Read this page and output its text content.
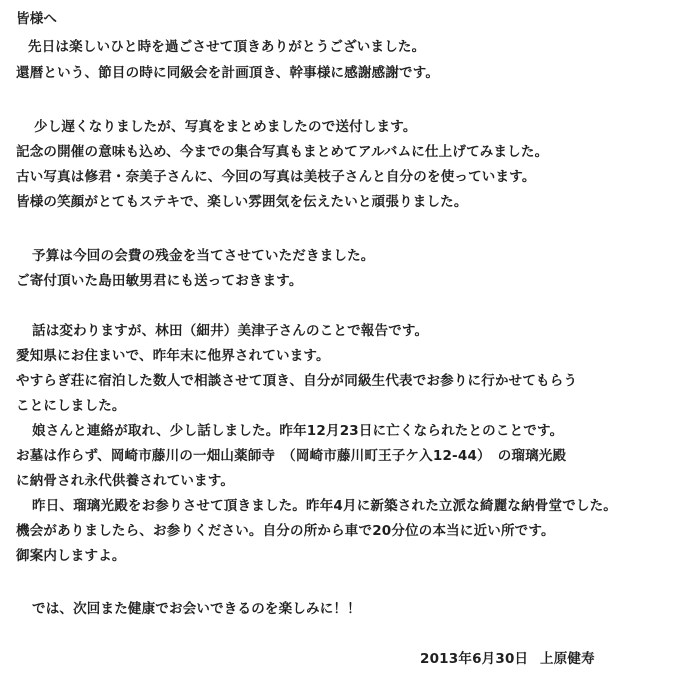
皆様へ
先日は楽しいひと時を過ごさせて頂きありがとうございました。
還暦という、節目の時に同級会を計画頂き、幹事様に感謝感謝です。
少し遅くなりましたが、写真をまとめましたので送付します。
記念の開催の意味も込め、今までの集合写真もまとめてアルバムに仕上げてみました。
古い写真は修君・奈美子さんに、今回の写真は美枝子さんと自分のを使っています。
皆様の笑顔がとてもステキで、楽しい雰囲気を伝えたいと頑張りました。
予算は今回の会費の残金を当てさせていただきました。
ご寄付頂いた島田敏男君にも送っておきます。
話は変わりますが、林田（細井）美津子さんのことで報告です。
愛知県にお住まいで、昨年末に他界されています。
やすらぎ荘に宿泊した数人で相談させて頂き、自分が同級生代表でお参りに行かせてもらう
ことにしました。
娘さんと連絡が取れ、少し話しました。昨年12月23日に亡くなられたとのことです。
お墓は作らず、岡崎市藤川の一畑山薬師寺　（岡崎市藤川町王子ケ入12-44）　の瑠璃光殿
に納骨され永代供養されています。
昨日、瑠璃光殿をお参りさせて頂きました。昨年4月に新築された立派な綺麗な納骨堂でした。
機会がありましたら、お参りください。自分の所から車で20分位の本当に近い所です。
御案内しますよ。
では、次回また健康でお会いできるのを楽しみに！！
2013年6月30日 上原健寿
